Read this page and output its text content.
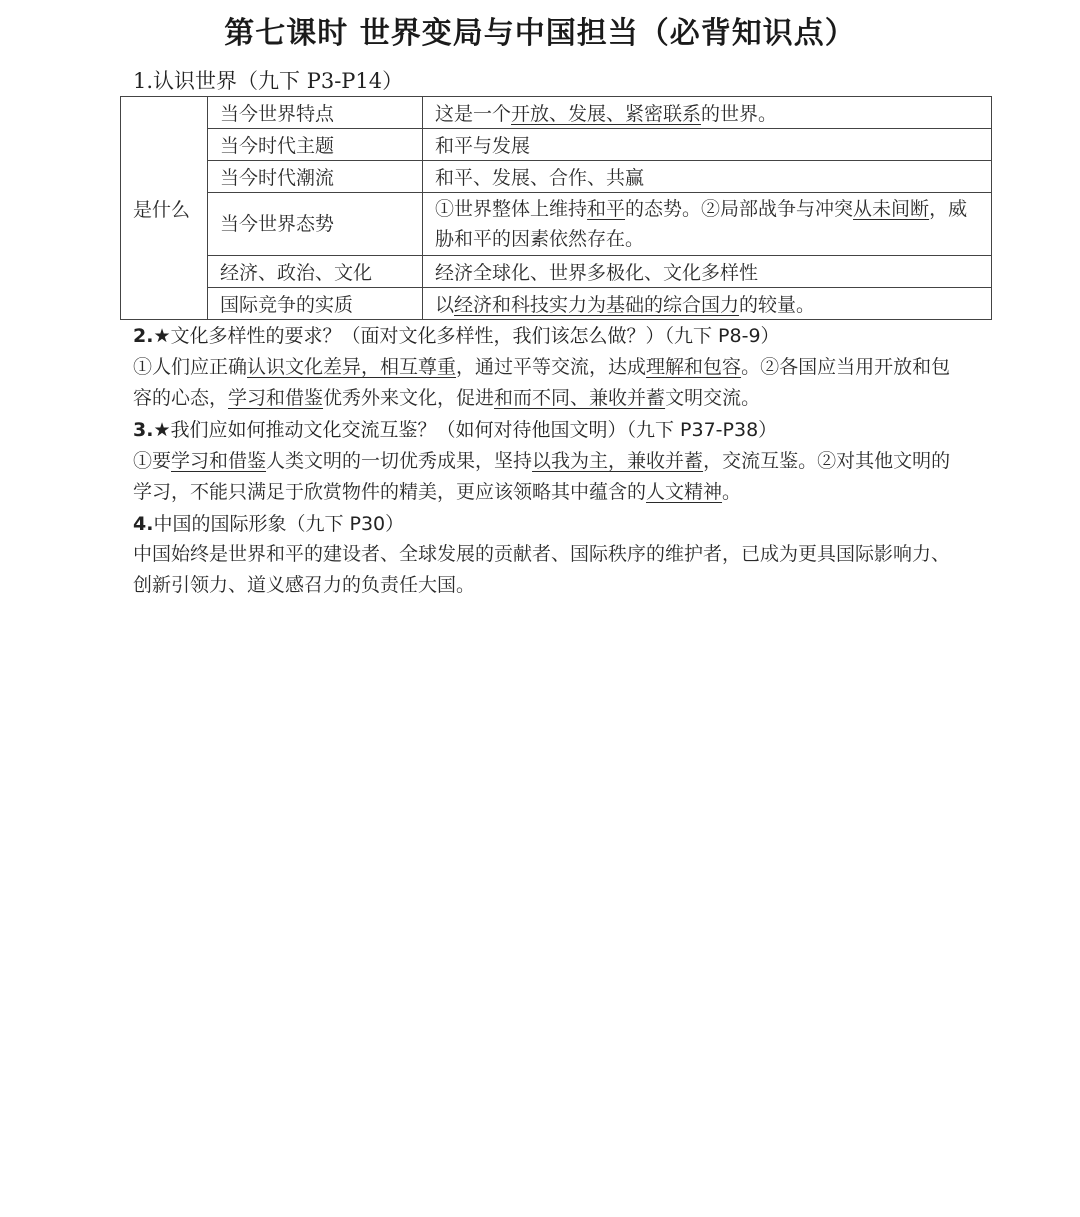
第七课时 世界变局与中国担当（必背知识点）
1.认识世界（九下 P3-P14）
是什么	当今世界特点	这是一个开放、发展、紧密联系的世界。
	当今时代主题	和平与发展
	当今时代潮流	和平、发展、合作、共赢
	当今世界态势	①世界整体上维持和平的态势。②局部战争与冲突从未间断，威胁和平的因素依然存在。
	经济、政治、文化	经济全球化、世界多极化、文化多样性
	国际竞争的实质	以经济和科技实力为基础的综合国力的较量。
2.★文化多样性的要求？（面对文化多样性，我们该怎么做？）（九下 P8-9）
①人们应正确认识文化差异，相互尊重，通过平等交流，达成理解和包容。②各国应当用开放和包容的心态，学习和借鉴优秀外来文化，促进和而不同、兼收并蓄文明交流。
3.★我们应如何推动文化交流互鉴？（如何对待他国文明）（九下 P37-P38）
①要学习和借鉴人类文明的一切优秀成果，坚持以我为主，兼收并蓄，交流互鉴。②对其他文明的学习，不能只满足于欣赏物件的精美，更应该领略其中蕴含的人文精神。
4.中国的国际形象（九下 P30）
中国始终是世界和平的建设者、全球发展的贡献者、国际秩序的维护者，已成为更具国际影响力、创新引领力、道义感召力的负责任大国。
